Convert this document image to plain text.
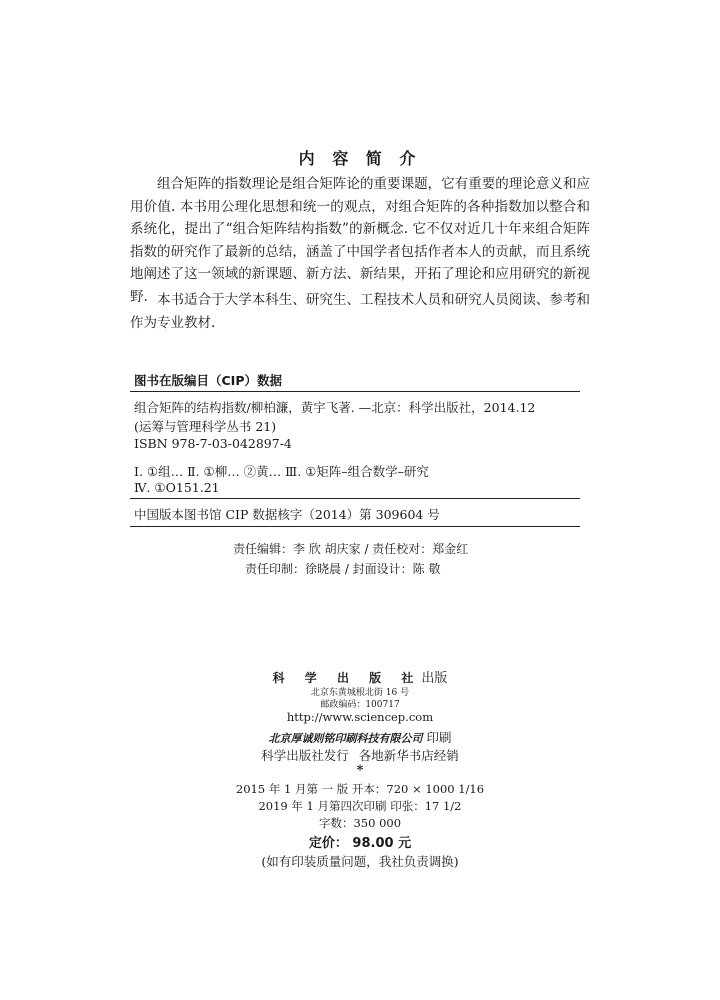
内 容 简 介

组合矩阵的指数理论是组合矩阵论的重要课题，它有重要的理论意义和应用价值. 本书用公理化思想和统一的观点，对组合矩阵的各种指数加以整合和系统化，提出了“组合矩阵结构指数”的新概念. 它不仅对近几十年来组合矩阵指数的研究作了最新的总结，涵盖了中国学者包括作者本人的贡献，而且系统地阐述了这一领域的新课题、新方法、新结果，开拓了理论和应用研究的新视野. 本书适合于大学本科生、研究生、工程技术人员和研究人员阅读、参考和作为专业教材.

图书在版编目（CIP）数据
组合矩阵的结构指数/柳柏濂，黄宇飞著. —北京：科学出版社，2014.12
(运筹与管理科学丛书 21)
ISBN 978-7-03-042897-4
Ⅰ. ①组… Ⅱ. ①柳… ②黄… Ⅲ. ①矩阵–组合数学–研究
Ⅳ. ①O151.21
中国版本图书馆 CIP 数据核字（2014）第 309604 号
责任编辑：李 欣 胡庆家 / 责任校对：郑金红
责任印制：徐晓晨 / 封面设计：陈 敬
科 学 出 版 社出版
北京东黄城根北街 16 号
邮政编码：100717
http://www.sciencep.com
北京厚诚则铭印刷科技有限公司 印刷
科学出版社发行 各地新华书店经销
*
2015 年 1 月第 一 版 开本：720 × 1000 1/16
2019 年 1 月第四次印刷 印张：17 1/2
字数：350 000
定价： 98.00 元
(如有印装质量问题，我社负责调换)
